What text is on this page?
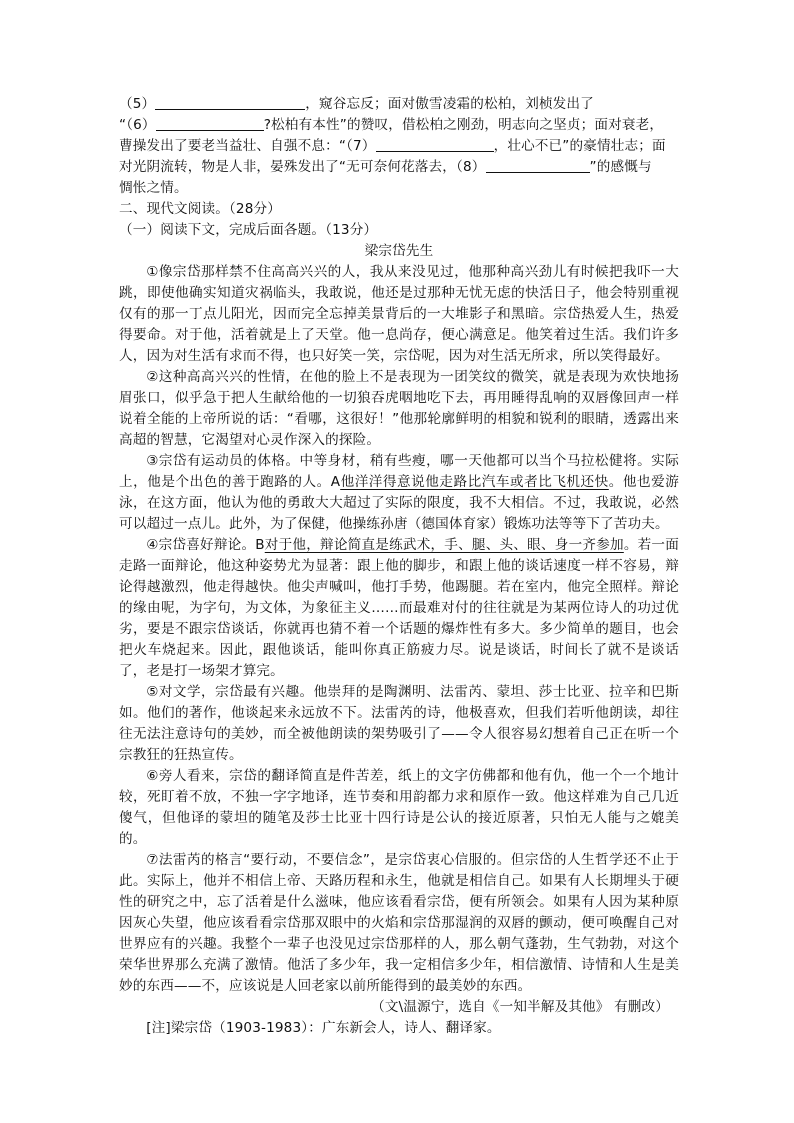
（5）	，窥谷忘反；面对傲雪凌霜的松柏，刘桢发出了

“（6）	?松柏有本性”的赞叹，借松柏之刚劲，明志向之坚贞；面对衰老，

曹操发出了要老当益壮、自强不息：“（7）	，壮心不已”的豪情壮志；面

对光阴流转，物是人非，晏殊发出了“无可奈何花落去，（8）	”的感慨与

惆怅之情。

二、现代文阅读。（28分）

（一）阅读下文，完成后面各题。（13分）

梁宗岱先生

①像宗岱那样禁不住高高兴兴的人，我从来没见过，他那种高兴劲儿有时候把我吓一大跳，即使他确实知道灾祸临头，我敢说，他还是过那种无忧无虑的快活日子，他会特别重视仅有的那一丁点儿阳光，因而完全忘掉美景背后的一大堆影子和黑暗。宗岱热爱人生，热爱得要命。对于他，活着就是上了天堂。他一息尚存，便心满意足。他笑着过生活。我们许多人，因为对生活有求而不得，也只好笑一笑，宗岱呢，因为对生活无所求，所以笑得最好。

②这种高高兴兴的性情，在他的脸上不是表现为一团笑纹的微笑，就是表现为欢快地扬眉张口，似乎急于把人生献给他的一切狼吞虎咽地吃下去，再用睡得乱响的双唇像回声一样说着全能的上帝所说的话：“看哪，这很好！”他那轮廓鲜明的相貌和锐利的眼睛，透露出来高超的智慧，它渴望对心灵作深入的探险。

③宗岱有运动员的体格。中等身材，稍有些瘦，哪一天他都可以当个马拉松健将。实际上，他是个出色的善于跑路的人。A他洋洋得意说他走路比汽车或者比飞机还快。他也爱游泳，在这方面，他认为他的勇敢大大超过了实际的限度，我不大相信。不过，我敢说，必然可以超过一点儿。此外，为了保健，他操练孙唐（德国体育家）锻炼功法等等下了苦功夫。

④宗岱喜好辩论。B对于他，辩论简直是练武术，手、腿、头、眼、身一齐参加。若一面走路一面辩论，他这种姿势尤为显著：跟上他的脚步，和跟上他的谈话速度一样不容易，辩论得越激烈，他走得越快。他尖声喊叫，他打手势，他踢腿。若在室内，他完全照样。辩论的缘由呢，为字句，为文体，为象征主义……而最难对付的往往就是为某两位诗人的功过优劣，要是不跟宗岱谈话，你就再也猜不着一个话题的爆炸性有多大。多少简单的题目，也会把火车烧起来。因此，跟他谈话，能叫你真正筋疲力尽。说是谈话，时间长了就不是谈话了，老是打一场架才算完。

⑤对文学，宗岱最有兴趣。他崇拜的是陶渊明、法雷芮、蒙坦、莎士比亚、拉辛和巴斯如。他们的著作，他谈起来永远放不下。法雷芮的诗，他极喜欢，但我们若听他朗读，却往往无法注意诗句的美妙，而全被他朗读的架势吸引了——令人很容易幻想着自己正在听一个宗教狂的狂热宣传。

⑥旁人看来，宗岱的翻译简直是件苦差，纸上的文字仿佛都和他有仇，他一个一个地计较，死盯着不放，不独一字字地译，连节奏和用韵都力求和原作一致。他这样难为自己几近傻气，但他译的蒙坦的随笔及莎士比亚十四行诗是公认的接近原著，只怕无人能与之媲美的。

⑦法雷芮的格言“要行动，不要信念”，是宗岱衷心信服的。但宗岱的人生哲学还不止于此。实际上，他并不相信上帝、天路历程和永生，他就是相信自己。如果有人长期埋头于硬性的研究之中，忘了活着是什么滋味，他应该看看宗岱，便有所领会。如果有人因为某种原因灰心失望，他应该看看宗岱那双眼中的火焰和宗岱那湿润的双唇的颤动，便可唤醒自己对世界应有的兴趣。我整个一辈子也没见过宗岱那样的人，那么朝气蓬勃，生气勃勃，对这个荣华世界那么充满了激情。他活了多少年，我一定相信多少年，相信激情、诗情和人生是美妙的东西——不，应该说是人回老家以前所能得到的最美妙的东西。

（文\温源宁，选自《一知半解及其他》 有删改）

[注]梁宗岱（1903-1983）：广东新会人，诗人、翻译家。
